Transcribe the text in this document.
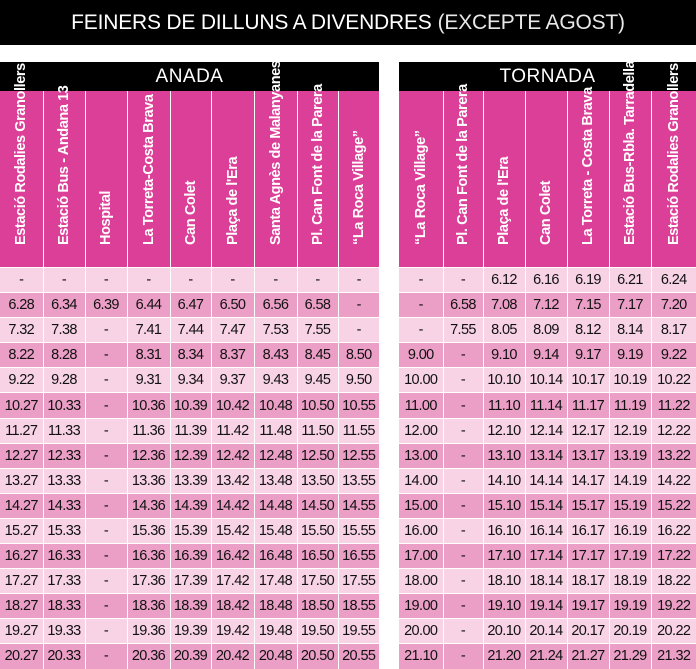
FEINERS DE DILLUNS A DIVENDRES (EXCEPTE AGOST)
ANADA
Estació Rodalies Granollers	Estació Bus - Andana 13	Hospital	La Torreta-Costa Brava	Can Colet	Plaça de l'Era	Santa Agnès de Malanyanes	Pl. Can Font de la Parera	“La Roca Village”

-	-	-	-	-	-	-	-	-
6.28	6.34	6.39	6.44	6.47	6.50	6.56	6.58	-
7.32	7.38	-	7.41	7.44	7.47	7.53	7.55	-
8.22	8.28	-	8.31	8.34	8.37	8.43	8.45	8.50
9.22	9.28	-	9.31	9.34	9.37	9.43	9.45	9.50
10.27	10.33	-	10.36	10.39	10.42	10.48	10.50	10.55
11.27	11.33	-	11.36	11.39	11.42	11.48	11.50	11.55
12.27	12.33	-	12.36	12.39	12.42	12.48	12.50	12.55
13.27	13.33	-	13.36	13.39	13.42	13.48	13.50	13.55
14.27	14.33	-	14.36	14.39	14.42	14.48	14.50	14.55
15.27	15.33	-	15.36	15.39	15.42	15.48	15.50	15.55
16.27	16.33	-	16.36	16.39	16.42	16.48	16.50	16.55
17.27	17.33	-	17.36	17.39	17.42	17.48	17.50	17.55
18.27	18.33	-	18.36	18.39	18.42	18.48	18.50	18.55
19.27	19.33	-	19.36	19.39	19.42	19.48	19.50	19.55
20.27	20.33	-	20.36	20.39	20.42	20.48	20.50	20.55
TORNADA
“La Roca Village”	Pl. Can Font de la Parera	Plaça de l'Era	Can Colet	La Torreta - Costa Brava	Estació Bus-Rbla. Tarradellas	Estació Rodalies Granollers

-	-	6.12	6.16	6.19	6.21	6.24
-	6.58	7.08	7.12	7.15	7.17	7.20
-	7.55	8.05	8.09	8.12	8.14	8.17
9.00	-	9.10	9.14	9.17	9.19	9.22
10.00	-	10.10	10.14	10.17	10.19	10.22
11.00	-	11.10	11.14	11.17	11.19	11.22
12.00	-	12.10	12.14	12.17	12.19	12.22
13.00	-	13.10	13.14	13.17	13.19	13.22
14.00	-	14.10	14.14	14.17	14.19	14.22
15.00	-	15.10	15.14	15.17	15.19	15.22
16.00	-	16.10	16.14	16.17	16.19	16.22
17.00	-	17.10	17.14	17.17	17.19	17.22
18.00	-	18.10	18.14	18.17	18.19	18.22
19.00	-	19.10	19.14	19.17	19.19	19.22
20.00	-	20.10	20.14	20.17	20.19	20.22
21.10	-	21.20	21.24	21.27	21.29	21.32
